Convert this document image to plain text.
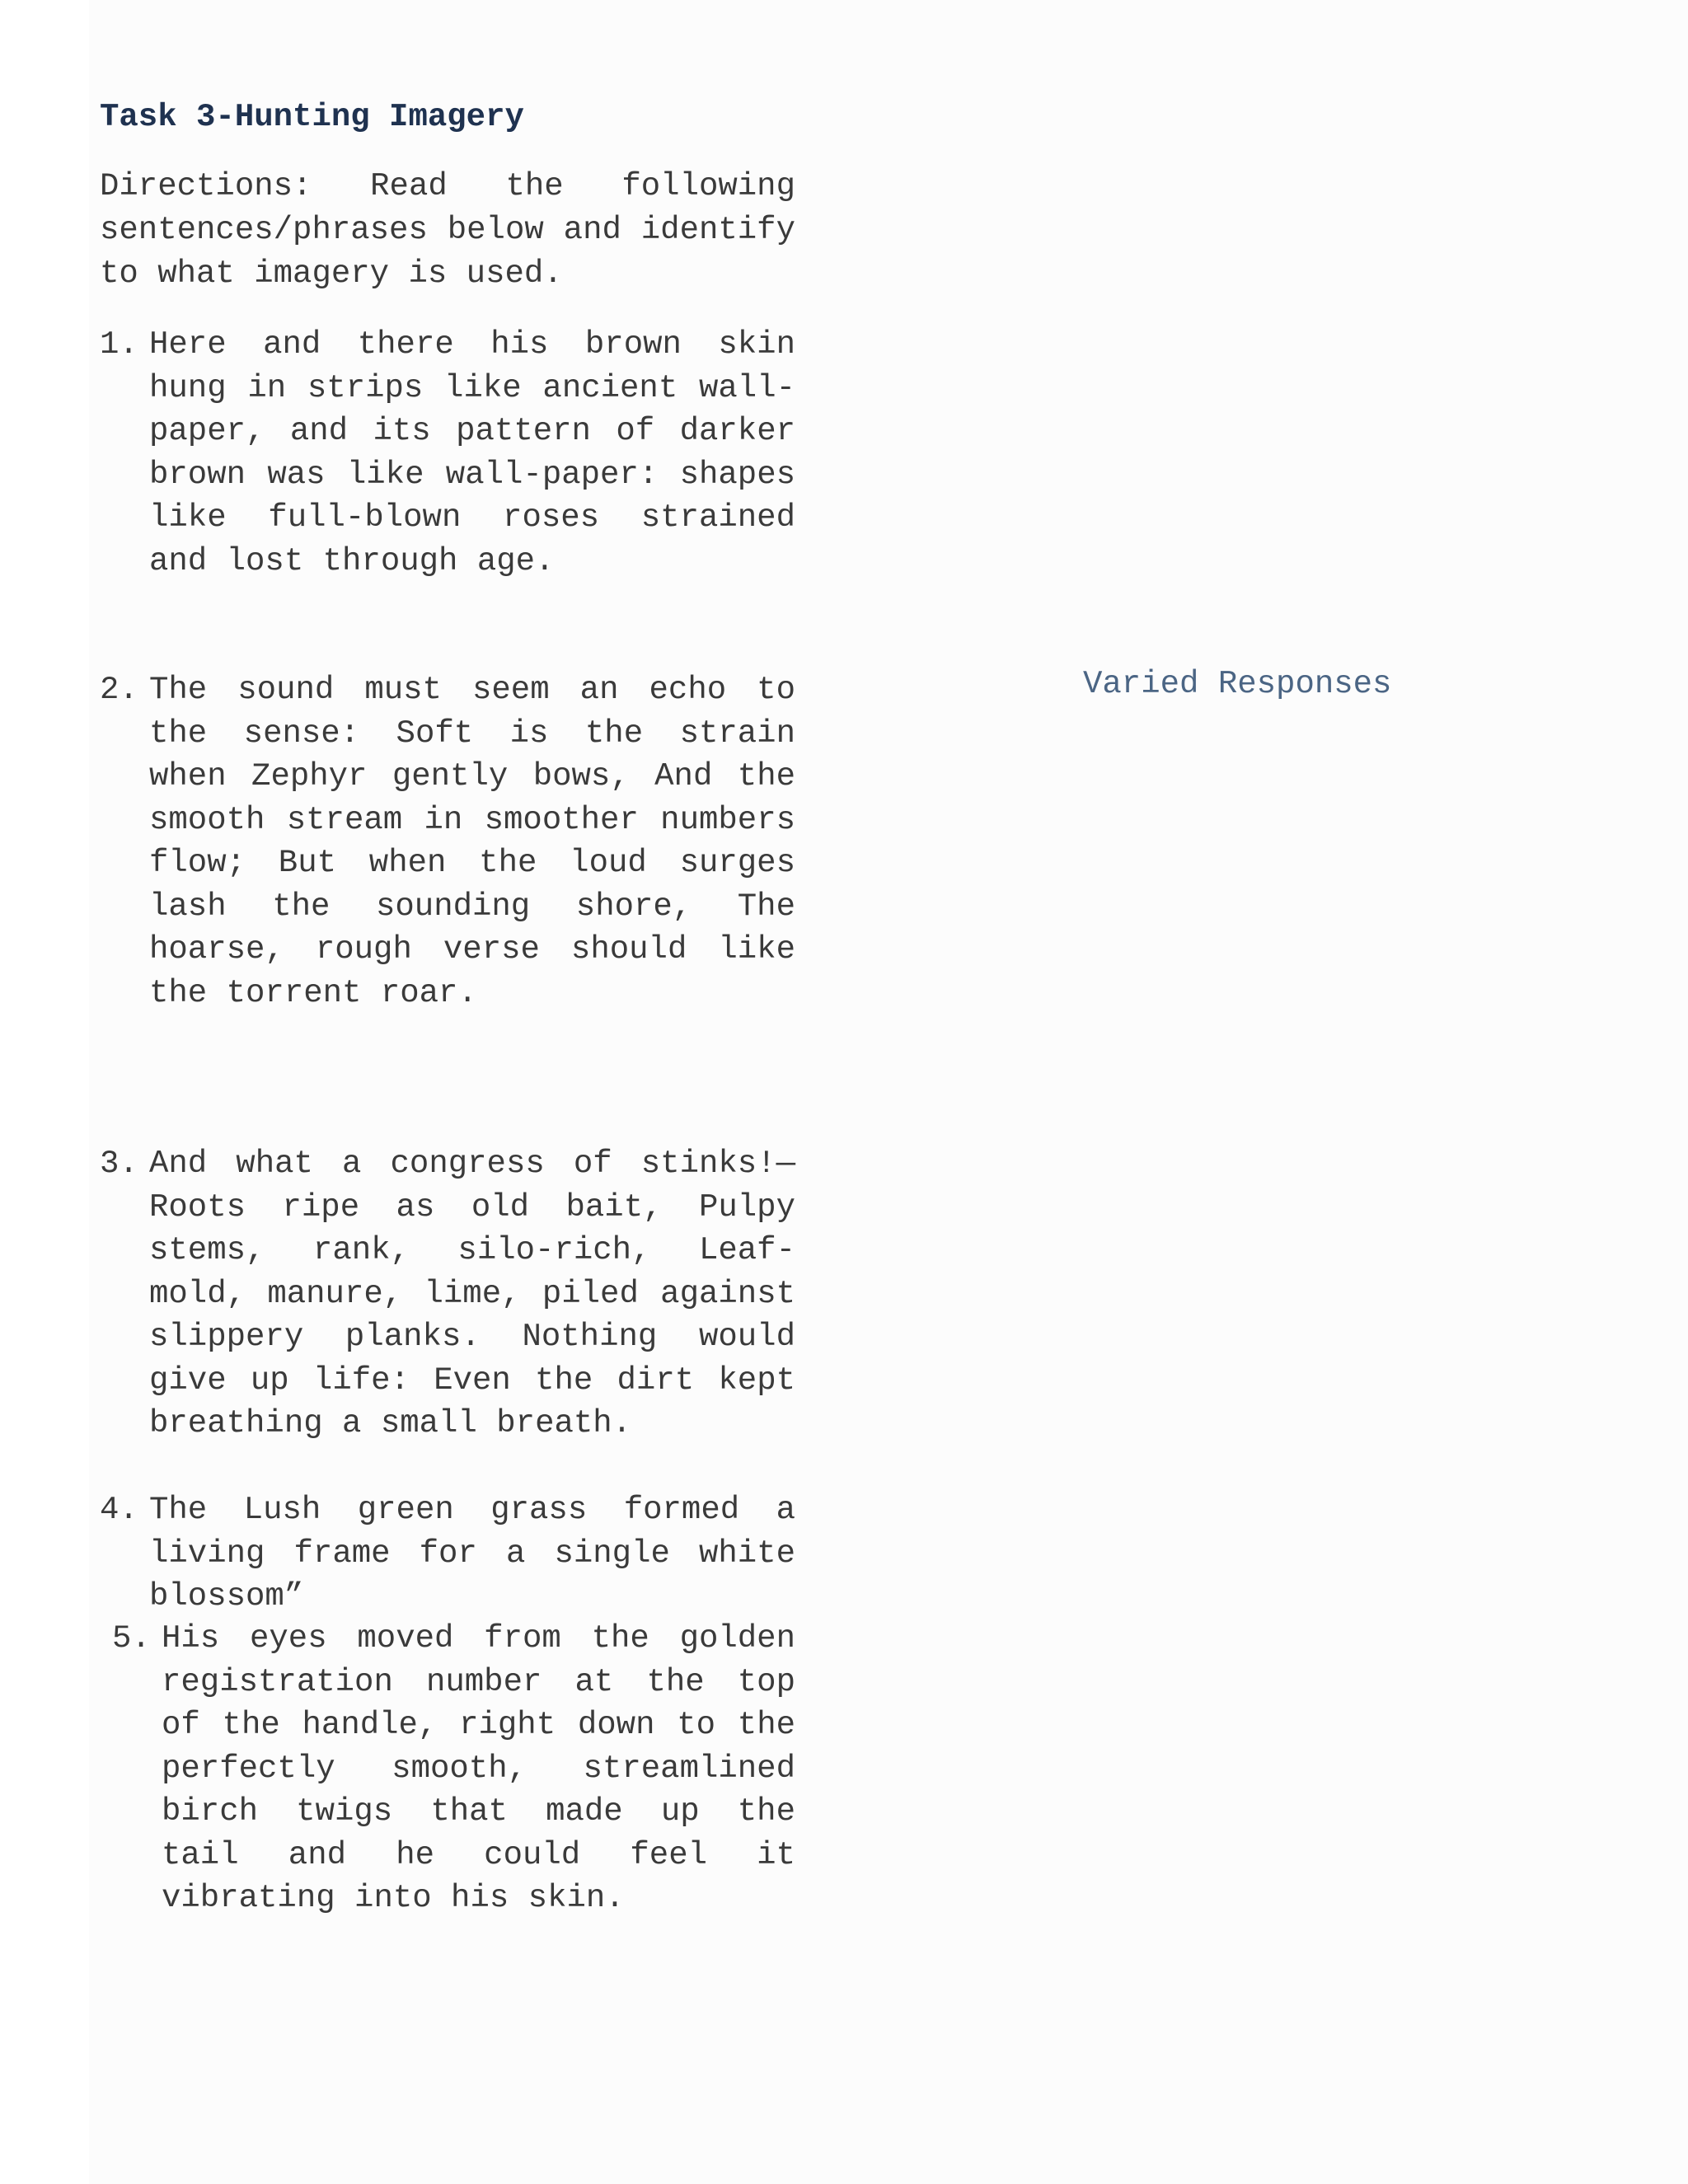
Task 3-Hunting Imagery

Directions: Read the following sentences/phrases below and identify to what imagery is used.

1. Here and there his brown skin hung in strips like ancient wall-paper, and its pattern of darker brown was like wall-paper: shapes like full-blown roses strained and lost through age.

2. The sound must seem an echo to the sense: Soft is the strain when Zephyr gently bows, And the smooth stream in smoother numbers flow; But when the loud surges lash the sounding shore, The hoarse, rough verse should like the torrent roar.

3. And what a congress of stinks!— Roots ripe as old bait, Pulpy stems, rank, silo-rich, Leaf-mold, manure, lime, piled against slippery planks. Nothing would give up life: Even the dirt kept breathing a small breath.

4. The Lush green grass formed a living frame for a single white blossom”

5. His eyes moved from the golden registration number at the top of the handle, right down to the perfectly smooth, streamlined birch twigs that made up the tail and he could feel it vibrating into his skin.

Varied Responses
